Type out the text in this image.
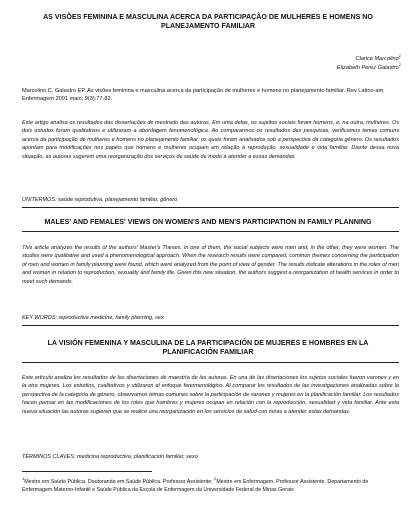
AS VISÕES FEMININA E MASCULINA ACERCA DA PARTICIPAÇÃO DE MULHERES E HOMENS NO PLANEJAMENTO FAMILIAR
Clarice Marcolino$^1$
Elizabeth Perez Galastro$^2$
Marcolino C, Galastro EP. As visões feminina e masculina acerca da participação de mulheres e homens no planejamento familiar. Rev Latino-am Enfermagem 2001 maio; 9(3):77-82.
Este artigo analisa os resultados das dissertações de mestrado das autoras. Em uma delas, os sujeitos sociais foram homens, e, na outra, mulheres. Os dois estudos foram qualitativos e utilizaram a abordagem fenomenológica. Ao compararmos os resultados das pesquisas, verificamos temas comuns acerca da participação de mulheres e homens no planejamento familiar, os quais foram analisados sob a perspectiva da categoria gênero. Os resultados apontam para modificações nos papéis que homens e mulheres ocupam em relação à reprodução, sexualidade e vida familiar. Diante dessa nova situação, as autoras sugerem uma reorganização dos serviços de saúde de modo a atender a essas demandas.
UNITERMOS: saúde reprodutiva, planejamento familiar, gênero
MALES' AND FEMALES' VIEWS ON WOMEN'S AND MEN'S PARTICIPATION IN FAMILY PLANNING
This article analyzes the results of the authors' Master's Theses. In one of them, the social subjects were men and, in the other, they were women. The studies were qualitative and used a phenomenological approach. When the research results were compared, common themes concerning the participation of men and women in family planning were found, which were analyzed from the point of view of gender. The results indicate alterations in the roles of men and women in relation to reproduction, sexuality and family life. Given this new situation, the authors suggest a reorganization of health services in order to meet such demands.
KEY WORDS: reproductive medicine, family planning, sex
LA VISIÓN FEMENINA Y MASCULINA DE LA PARTICIPACIÓN DE MUJERES E HOMBRES EN LA PLANIFICACIÓN FAMILIAR
Este artículo analiza los resultados de las disertaciones de maestría de las autoras. En una de las disertaciones los sujetos sociales fueron varones y en la otra mujeres. Los estudios, cualitativos y utilizaron el enfoque fenomenológico. Al comparar los resultados de las investigaciones analizadas sobre la perspectiva de la categoría de género, observamos temas comunes sobre la participación de varones y mujeres en la planificación familiar. Los resultados hacen pensar en las modificaciones de los roles que hombres y mujeres ocupan en relación con la reproducción, sexualidad y vida familiar. Ante esta nueva situación las autoras sugieren que se realice una reorganización en los servicios de salud con miras a atender estas demandas.
TÉRMINOS CLAVES: medicina reproductiva, planificación familiar, sexo
$^1$Mestre em Saúde Pública. Doutoranda em Saúde Pública. Professor Assistente; $^2$Mestre em Enfermagem. Professor Assistente. Departamento de Enfermagem Materno-Infantil e Saúde Pública da Escola de Enfermagem da Universidade Federal de Minas Gerais
